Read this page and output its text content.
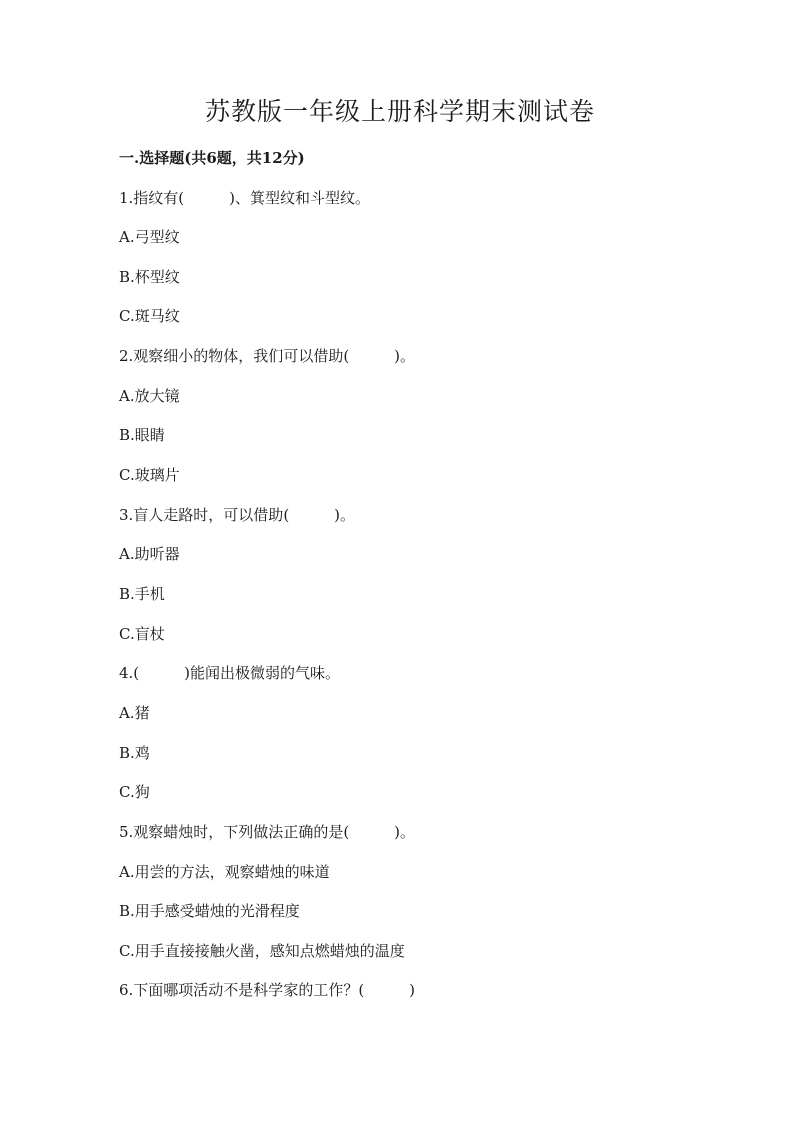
苏教版一年级上册科学期末测试卷
一.选择题(共6题，共12分)

1.指纹有(　　　)、箕型纹和斗型纹。

A.弓型纹

B.杯型纹

C.斑马纹

2.观察细小的物体，我们可以借助(　　　)。

A.放大镜

B.眼睛

C.玻璃片

3.盲人走路时，可以借助(　　　)。

A.助听器

B.手机

C.盲杖

4.(　　　)能闻出极微弱的气味。

A.猪

B.鸡

C.狗

5.观察蜡烛时，下列做法正确的是(　　　)。

A.用尝的方法，观察蜡烛的味道

B.用手感受蜡烛的光滑程度

C.用手直接接触火凿，感知点燃蜡烛的温度

6.下面哪项活动不是科学家的工作？(　　　)
